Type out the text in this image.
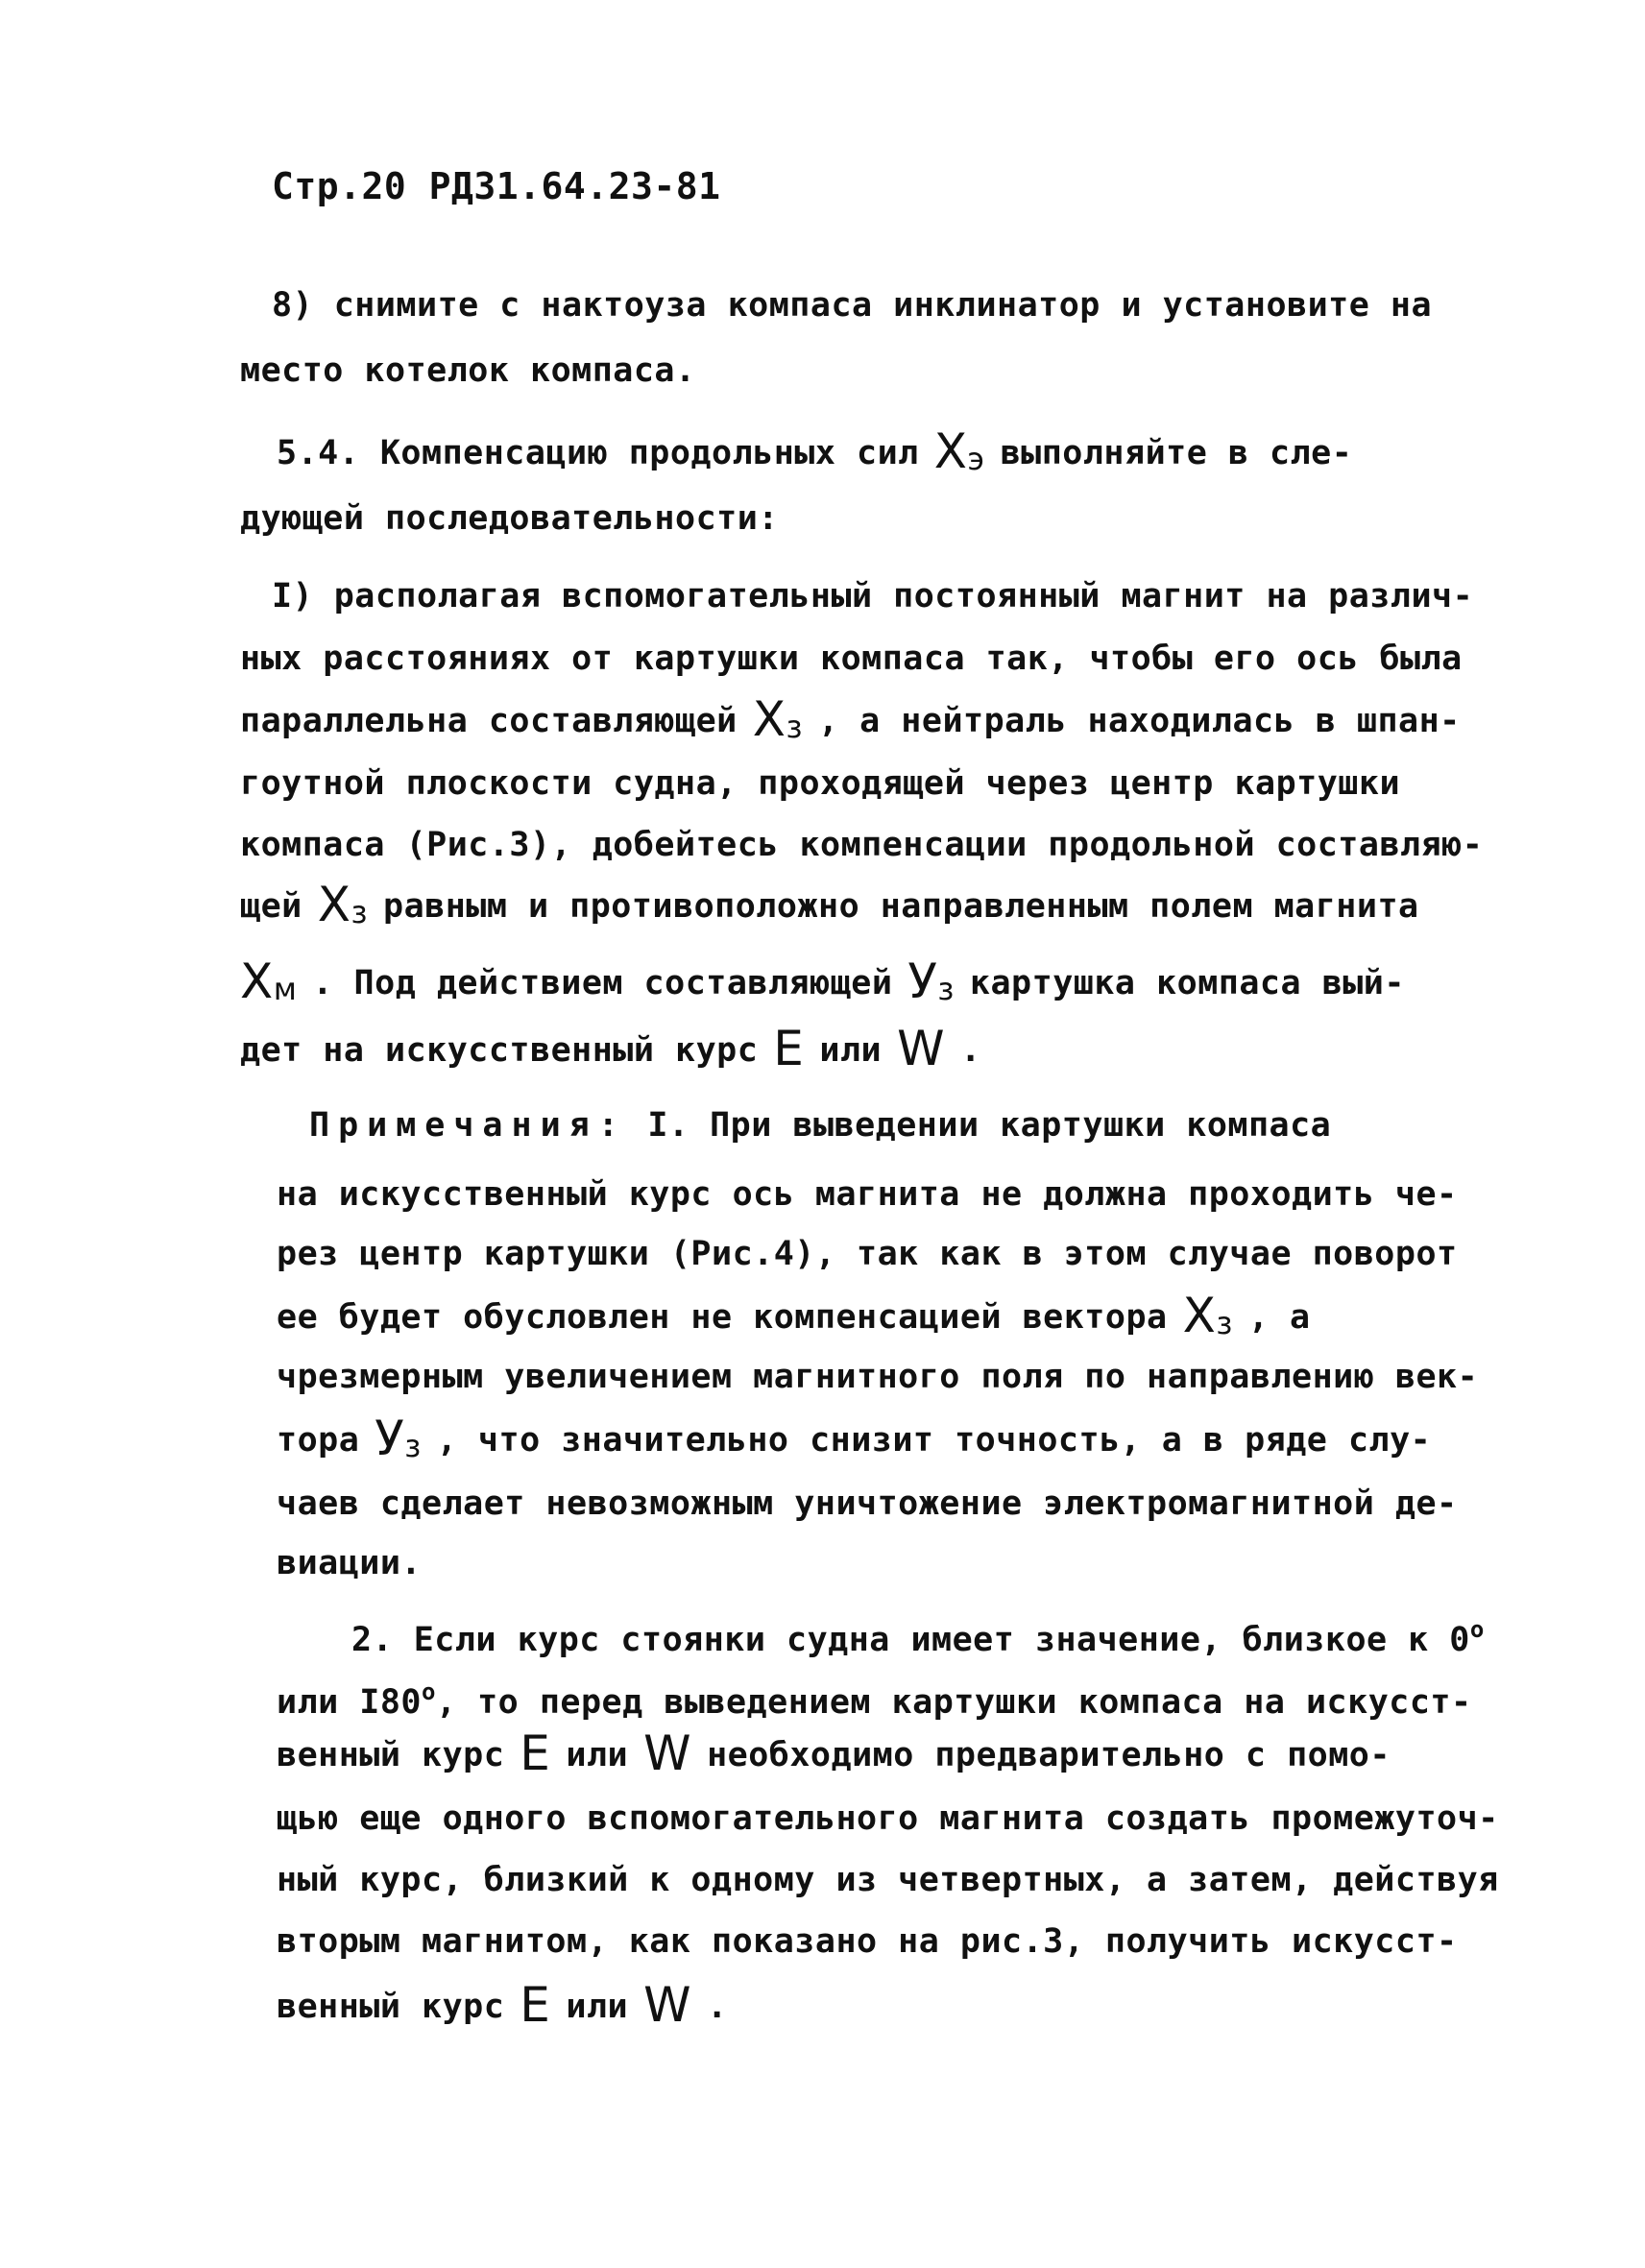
Стр.20 РД31.64.23-81
8) снимите с нактоуза компаса инклинатор и установите на
место котелок компаса.
5.4. Компенсацию продольных сил $X_э$ выполняйте в сле-
дующей последовательности:
I) располагая вспомогательный постоянный магнит на различ-
ных расстояниях от картушки компаса так, чтобы его ось была
параллельна составляющей $X_з$ , а нейтраль находилась в шпан-
гоутной плоскости судна, проходящей через центр картушки
компаса (Рис.3), добейтесь компенсации продольной составляю-
щей $X_з$ равным и противоположно направленным полем магнита
$X_м$ . Под действием составляющей $У_з$ картушка компаса вый-
дет на искусственный курс E или W .
Примечания: I. При выведении картушки компаса
на искусственный курс ось магнита не должна проходить че-
рез центр картушки (Рис.4), так как в этом случае поворот
ее будет обусловлен не компенсацией вектора $X_з$ , а
чрезмерным увеличением магнитного поля по направлению век-
тора $У_з$ , что значительно снизит точность, а в ряде слу-
чаев сделает невозможным уничтожение электромагнитной де-
виации.
2. Если курс стоянки судна имеет значение, близкое к $0^о$
или $I80^о$, то перед выведением картушки компаса на искусст-
венный курс E или W необходимо предварительно с помо-
щью еще одного вспомогательного магнита создать промежуточ-
ный курс, близкий к одному из четвертных, а затем, действуя
вторым магнитом, как показано на рис.3, получить искусст-
венный курс E или W .
